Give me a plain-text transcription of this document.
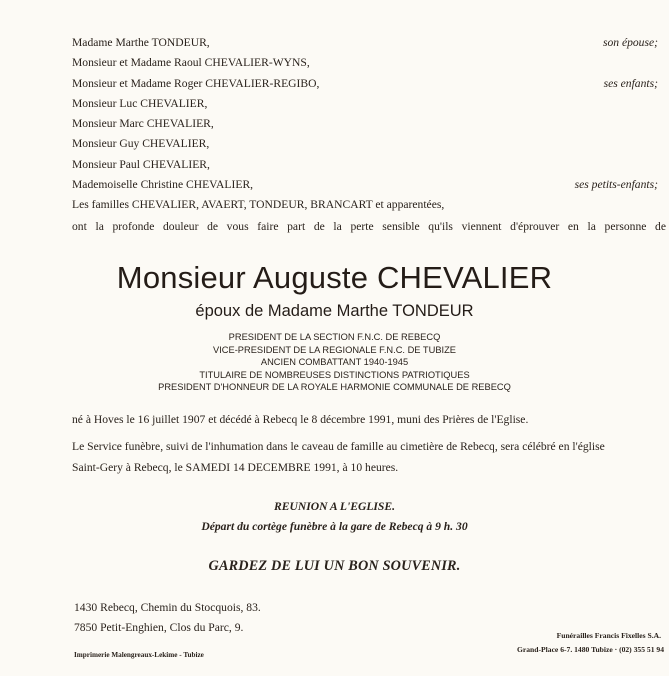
Madame Marthe TONDEUR,	son épouse;
Monsieur et Madame Raoul CHEVALIER-WYNS,
Monsieur et Madame Roger CHEVALIER-REGIBO,	ses enfants;
Monsieur Luc CHEVALIER,
Monsieur Marc CHEVALIER,
Monsieur Guy CHEVALIER,
Monsieur Paul CHEVALIER,
Mademoiselle Christine CHEVALIER,	ses petits-enfants;
Les familles CHEVALIER, AVAERT, TONDEUR, BRANCART et apparentées,
ont la profonde douleur de vous faire part de la perte sensible qu'ils viennent d'éprouver en la personne de
Monsieur Auguste CHEVALIER
époux de Madame Marthe TONDEUR
PRESIDENT DE LA SECTION F.N.C. DE REBECQ
VICE-PRESIDENT DE LA REGIONALE F.N.C. DE TUBIZE
ANCIEN COMBATTANT 1940-1945
TITULAIRE DE NOMBREUSES DISTINCTIONS PATRIOTIQUES
PRESIDENT D'HONNEUR DE LA ROYALE HARMONIE COMMUNALE DE REBECQ
né à Hoves le 16 juillet 1907 et décédé à Rebecq le 8 décembre 1991, muni des Prières de l'Eglise.
Le Service funèbre, suivi de l'inhumation dans le caveau de famille au cimetière de Rebecq, sera célébré en l'église
Saint-Gery à Rebecq, le SAMEDI 14 DECEMBRE 1991, à 10 heures.
REUNION A L'EGLISE.
Départ du cortège funèbre à la gare de Rebecq à 9 h. 30
GARDEZ DE LUI UN BON SOUVENIR.
1430 Rebecq, Chemin du Stocquois, 83.
7850 Petit-Enghien, Clos du Parc, 9.
Imprimerie Malengreaux-Lekime - Tubize
Funérailles Francis Fixelles S.A.
Grand-Place 6-7. 1480 Tubize · (02) 355 51 94
